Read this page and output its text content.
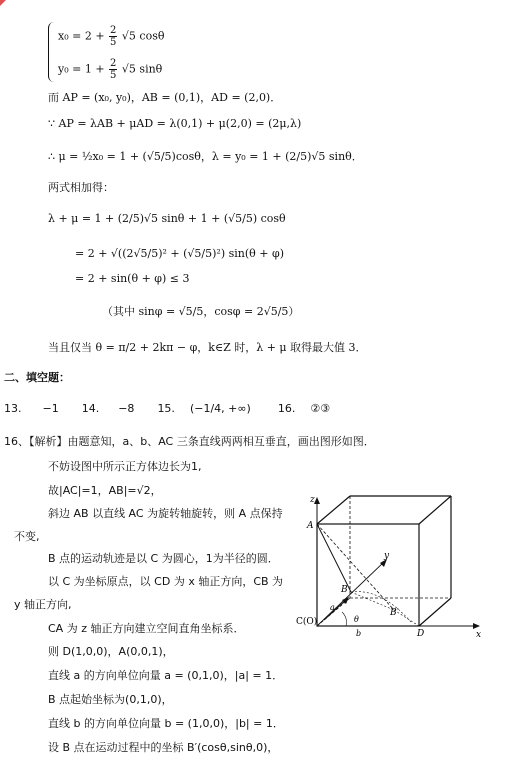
$x_0 = 2 + \frac{2}{5} √5$ cosθ
$y_0 = 1 + \frac{2}{5} √5$ sinθ
而 AP = (x₀, y₀)，AB = (0,1)，AD = (2,0)．
∵ AP = λAB + μAD = λ(0,1) + μ(2,0) = (2μ,λ)
∴ μ = ½x₀ = 1 + (√5/5)cosθ，λ = y₀ = 1 + (2/5)√5 sinθ．
两式相加得：
λ + μ = 1 + (2/5)√5 sinθ + 1 + (√5/5) cosθ
= 2 + √((2√5/5)² + (√5/5)²) sin(θ + φ)
= 2 + sin(θ + φ) ≤ 3
（其中 sinφ = √5/5，cosφ = 2√5/5）
当且仅当 θ = π/2 + 2kπ − φ，k∈Z 时，λ + μ 取得最大值 3．
二、填空题：
13. −1 14. −8 15. (−1/4, +∞) 16. ②③
16、【解析】由题意知，a、b、AC 三条直线两两相互垂直，画出图形如图．
不妨设图中所示正方体边长为1,
故|AC|=1，AB|=√2，
斜边 AB 以直线 AC 为旋转轴旋转，则 A 点保持
不变,
B 点的运动轨迹是以 C 为圆心，1为半径的圆．
以 C 为坐标原点，以 CD 为 x 轴正方向，CB 为
y 轴正方向,
CA 为 z 轴正方向建立空间直角坐标系．
则 D(1,0,0)，A(0,0,1)，
直线 a 的方向单位向量 a = (0,1,0)，|a| = 1．
B 点起始坐标为(0,1,0)，
直线 b 的方向单位向量 b = (1,0,0)，|b| = 1．
设 B 点在运动过程中的坐标 B′(cosθ,sinθ,0)，
z
x
y
A
B
B′
C(O)
D
a
b
θ
